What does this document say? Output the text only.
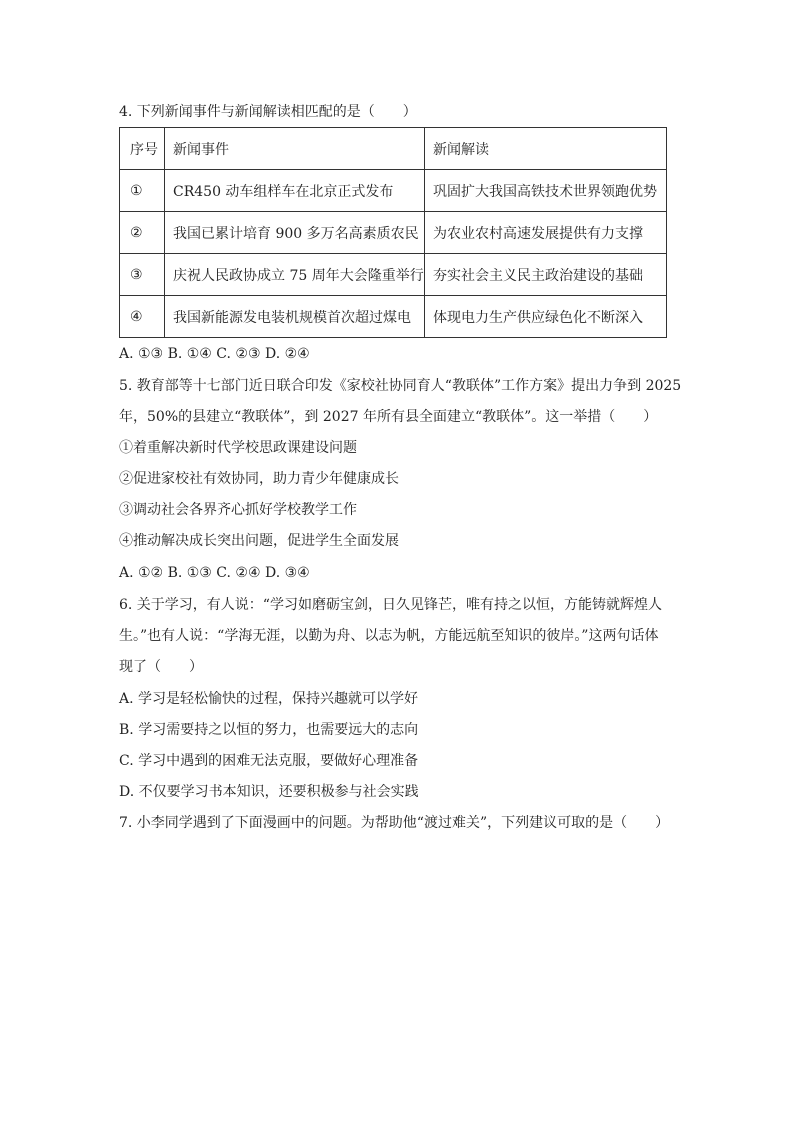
4. 下列新闻事件与新闻解读相匹配的是（　　）
序号	新闻事件	新闻解读
①	CR450 动车组样车在北京正式发布	巩固扩大我国高铁技术世界领跑优势
②	我国已累计培育 900 多万名高素质农民	为农业农村高速发展提供有力支撑
③	庆祝人民政协成立 75 周年大会隆重举行	夯实社会主义民主政治建设的基础
④	我国新能源发电装机规模首次超过煤电	体现电力生产供应绿色化不断深入
A. ①③ B. ①④ C. ②③ D. ②④
5. 教育部等十七部门近日联合印发《家校社协同育人“教联体”工作方案》提出力争到 2025
年，50%的县建立“教联体”，到 2027 年所有县全面建立“教联体”。这一举措（　　）
①着重解决新时代学校思政课建设问题
②促进家校社有效协同，助力青少年健康成长
③调动社会各界齐心抓好学校教学工作
④推动解决成长突出问题，促进学生全面发展
A. ①② B. ①③ C. ②④ D. ③④
6. 关于学习，有人说：“学习如磨砺宝剑，日久见锋芒，唯有持之以恒，方能铸就辉煌人
生。”也有人说：“学海无涯，以勤为舟、以志为帆，方能远航至知识的彼岸。”这两句话体
现了（　　）
A. 学习是轻松愉快的过程，保持兴趣就可以学好
B. 学习需要持之以恒的努力，也需要远大的志向
C. 学习中遇到的困难无法克服，要做好心理准备
D. 不仅要学习书本知识，还要积极参与社会实践
7. 小李同学遇到了下面漫画中的问题。为帮助他“渡过难关”，下列建议可取的是（　　）
